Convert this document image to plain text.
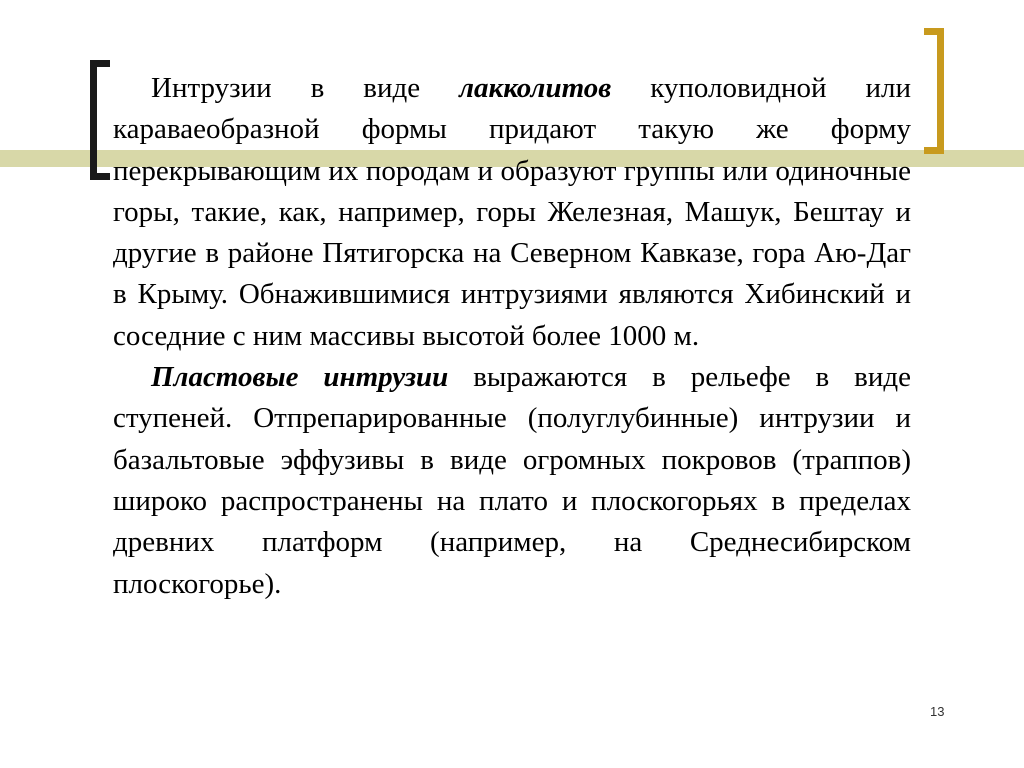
Интрузии в виде лакколитов куполовидной или караваеобразной формы придают такую же форму перекрывающим их породам и образуют группы или одиночные горы, такие, как, например, горы Железная, Машук, Бештау и другие в районе Пятигорска на Северном Кавказе, гора Аю-Даг в Крыму. Обнажившимися интрузиями являются Хибинский и соседние с ним массивы высотой более 1000 м.

Пластовые интрузии выражаются в рельефе в виде ступеней. Отпрепарированные (полуглубинные) интрузии и базальтовые эффузивы в виде огромных покровов (траппов) широко распространены на плато и плоскогорьях в пределах древних платформ (например, на Среднесибирском плоскогорье).

13
